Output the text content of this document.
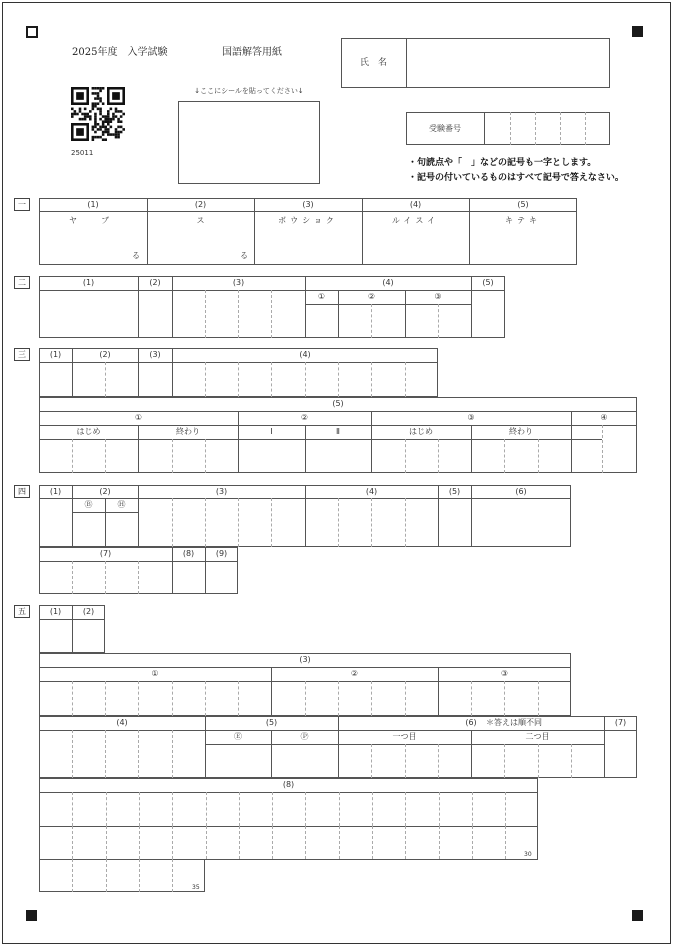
2025年度　入学試験	国語解答用紙
25011
↓ここにシールを貼ってください↓
氏　名
受験番号
・句読点や「　」などの記号も一字とします。
・記号の付いているものはすべて記号で答えなさい。
一	(1)	(2)	(3)	(4)	(5)
ヤ　ブ	ス	ボウショク	ルイスイ	キテキ
る	る
二	(1)	(2)	(3)	(4)	(5)
①	②	③
三	(1)	(2)	(3)	(4)
(5)
①	②	③	④
はじめ	終わり	Ⅰ	Ⅱ	はじめ	終わり
四	(1)	(2)	(3)	(4)	(5)	(6)
Ⓑ	Ⓗ
(7)	(8)	(9)
五	(1)	(2)
(3)
①	②	③
(4)	(5)	(6)	＊答えは順不同	(7)
Ⓔ	Ⓟ	一つ目	二つ目
(8)
30
35
